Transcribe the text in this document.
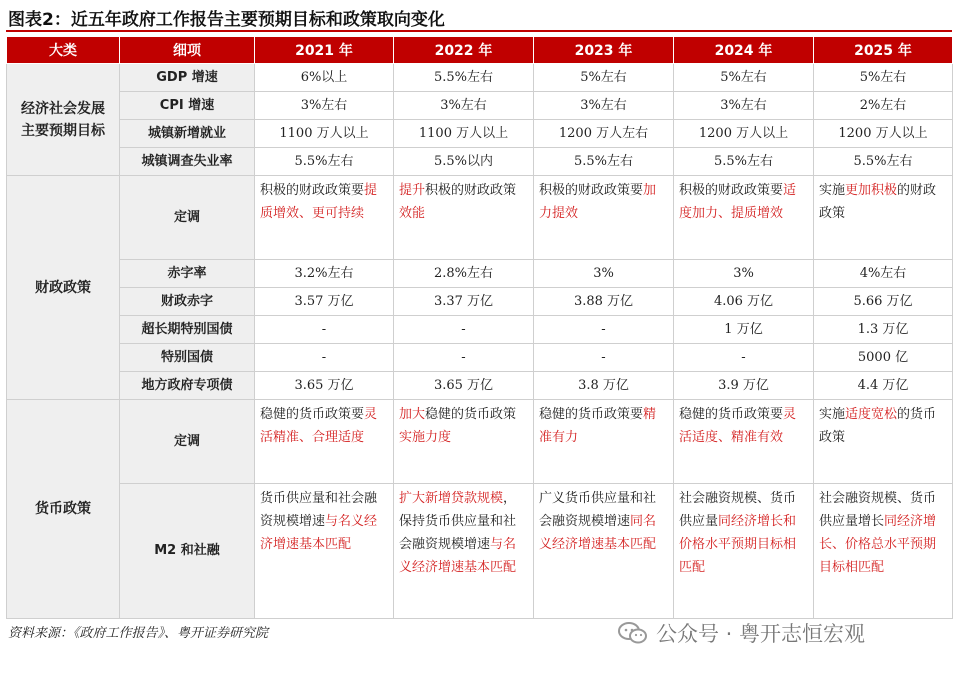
图表2：近五年政府工作报告主要预期目标和政策取向变化
大类	细项	2021 年	2022 年	2023 年	2024 年	2025 年
经济社会发展主要预期目标	GDP 增速	6%以上	5.5%左右	5%左右	5%左右	5%左右
	CPI 增速	3%左右	3%左右	3%左右	3%左右	2%左右
	城镇新增就业	1100 万人以上	1100 万人以上	1200 万人左右	1200 万人以上	1200 万人以上
	城镇调查失业率	5.5%左右	5.5%以内	5.5%左右	5.5%左右	5.5%左右
财政政策	定调	积极的财政政策要提质增效、更可持续	提升积极的财政政策效能	积极的财政政策要加力提效	积极的财政政策要适度加力、提质增效	实施更加积极的财政政策
	赤字率	3.2%左右	2.8%左右	3%	3%	4%左右
	财政赤字	3.57 万亿	3.37 万亿	3.88 万亿	4.06 万亿	5.66 万亿
	超长期特别国债	-	-	-	1 万亿	1.3 万亿
	特别国债	-	-	-	-	5000 亿
	地方政府专项债	3.65 万亿	3.65 万亿	3.8 万亿	3.9 万亿	4.4 万亿
货币政策	定调	稳健的货币政策要灵活精准、合理适度	加大稳健的货币政策实施力度	稳健的货币政策要精准有力	稳健的货币政策要灵活适度、精准有效	实施适度宽松的货币政策
	M2 和社融	货币供应量和社会融资规模增速与名义经济增速基本匹配	扩大新增贷款规模，保持货币供应量和社会融资规模增速与名义经济增速基本匹配	广义货币供应量和社会融资规模增速同名义经济增速基本匹配	社会融资规模、货币供应量同经济增长和价格水平预期目标相匹配	社会融资规模、货币供应量增长同经济增长、价格总水平预期目标相匹配
资料来源：《政府工作报告》、粤开证券研究院	公众号 · 粤开志恒宏观
